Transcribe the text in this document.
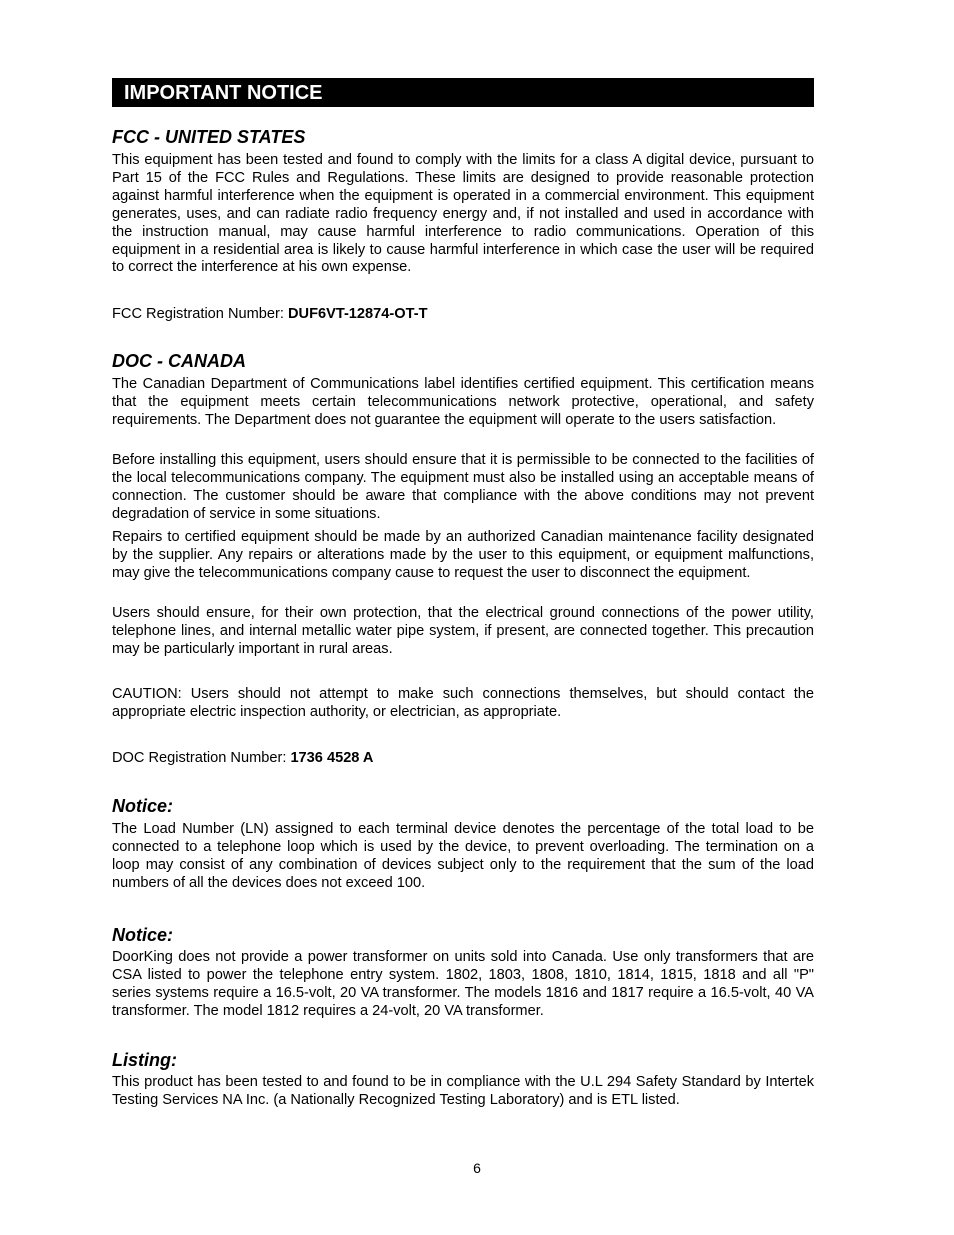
IMPORTANT NOTICE
FCC - UNITED STATES

This equipment has been tested and found to comply with the limits for a class A digital device, pursuant to Part 15 of the FCC Rules and Regulations. These limits are designed to provide reasonable protection against harmful interference when the equipment is operated in a commercial environment. This equipment generates, uses, and can radiate radio frequency energy and, if not installed and used in accordance with the instruction manual, may cause harmful interference to radio communications. Operation of this equipment in a residential area is likely to cause harmful interference in which case the user will be required to correct the interference at his own expense.

FCC Registration Number: DUF6VT-12874-OT-T

DOC - CANADA

The Canadian Department of Communications label identifies certified equipment. This certification means that the equipment meets certain telecommunications network protective, operational, and safety requirements. The Department does not guarantee the equipment will operate to the users satisfaction.

Before installing this equipment, users should ensure that it is permissible to be connected to the facilities of the local telecommunications company. The equipment must also be installed using an acceptable means of connection. The customer should be aware that compliance with the above conditions may not prevent degradation of service in some situations.

Repairs to certified equipment should be made by an authorized Canadian maintenance facility designated by the supplier. Any repairs or alterations made by the user to this equipment, or equipment malfunctions, may give the telecommunications company cause to request the user to disconnect the equipment.

Users should ensure, for their own protection, that the electrical ground connections of the power utility, telephone lines, and internal metallic water pipe system, if present, are connected together. This precaution may be particularly important in rural areas.

CAUTION: Users should not attempt to make such connections themselves, but should contact the appropriate electric inspection authority, or electrician, as appropriate.

DOC Registration Number: 1736 4528 A

Notice:

The Load Number (LN) assigned to each terminal device denotes the percentage of the total load to be connected to a telephone loop which is used by the device, to prevent overloading. The termination on a loop may consist of any combination of devices subject only to the requirement that the sum of the load numbers of all the devices does not exceed 100.

Notice:

DoorKing does not provide a power transformer on units sold into Canada. Use only transformers that are CSA listed to power the telephone entry system. 1802, 1803, 1808, 1810, 1814, 1815, 1818 and all "P" series systems require a 16.5-volt, 20 VA transformer. The models 1816 and 1817 require a 16.5-volt, 40 VA transformer. The model 1812 requires a 24-volt, 20 VA transformer.

Listing:

This product has been tested to and found to be in compliance with the U.L 294 Safety Standard by Intertek Testing Services NA Inc. (a Nationally Recognized Testing Laboratory) and is ETL listed.

6
